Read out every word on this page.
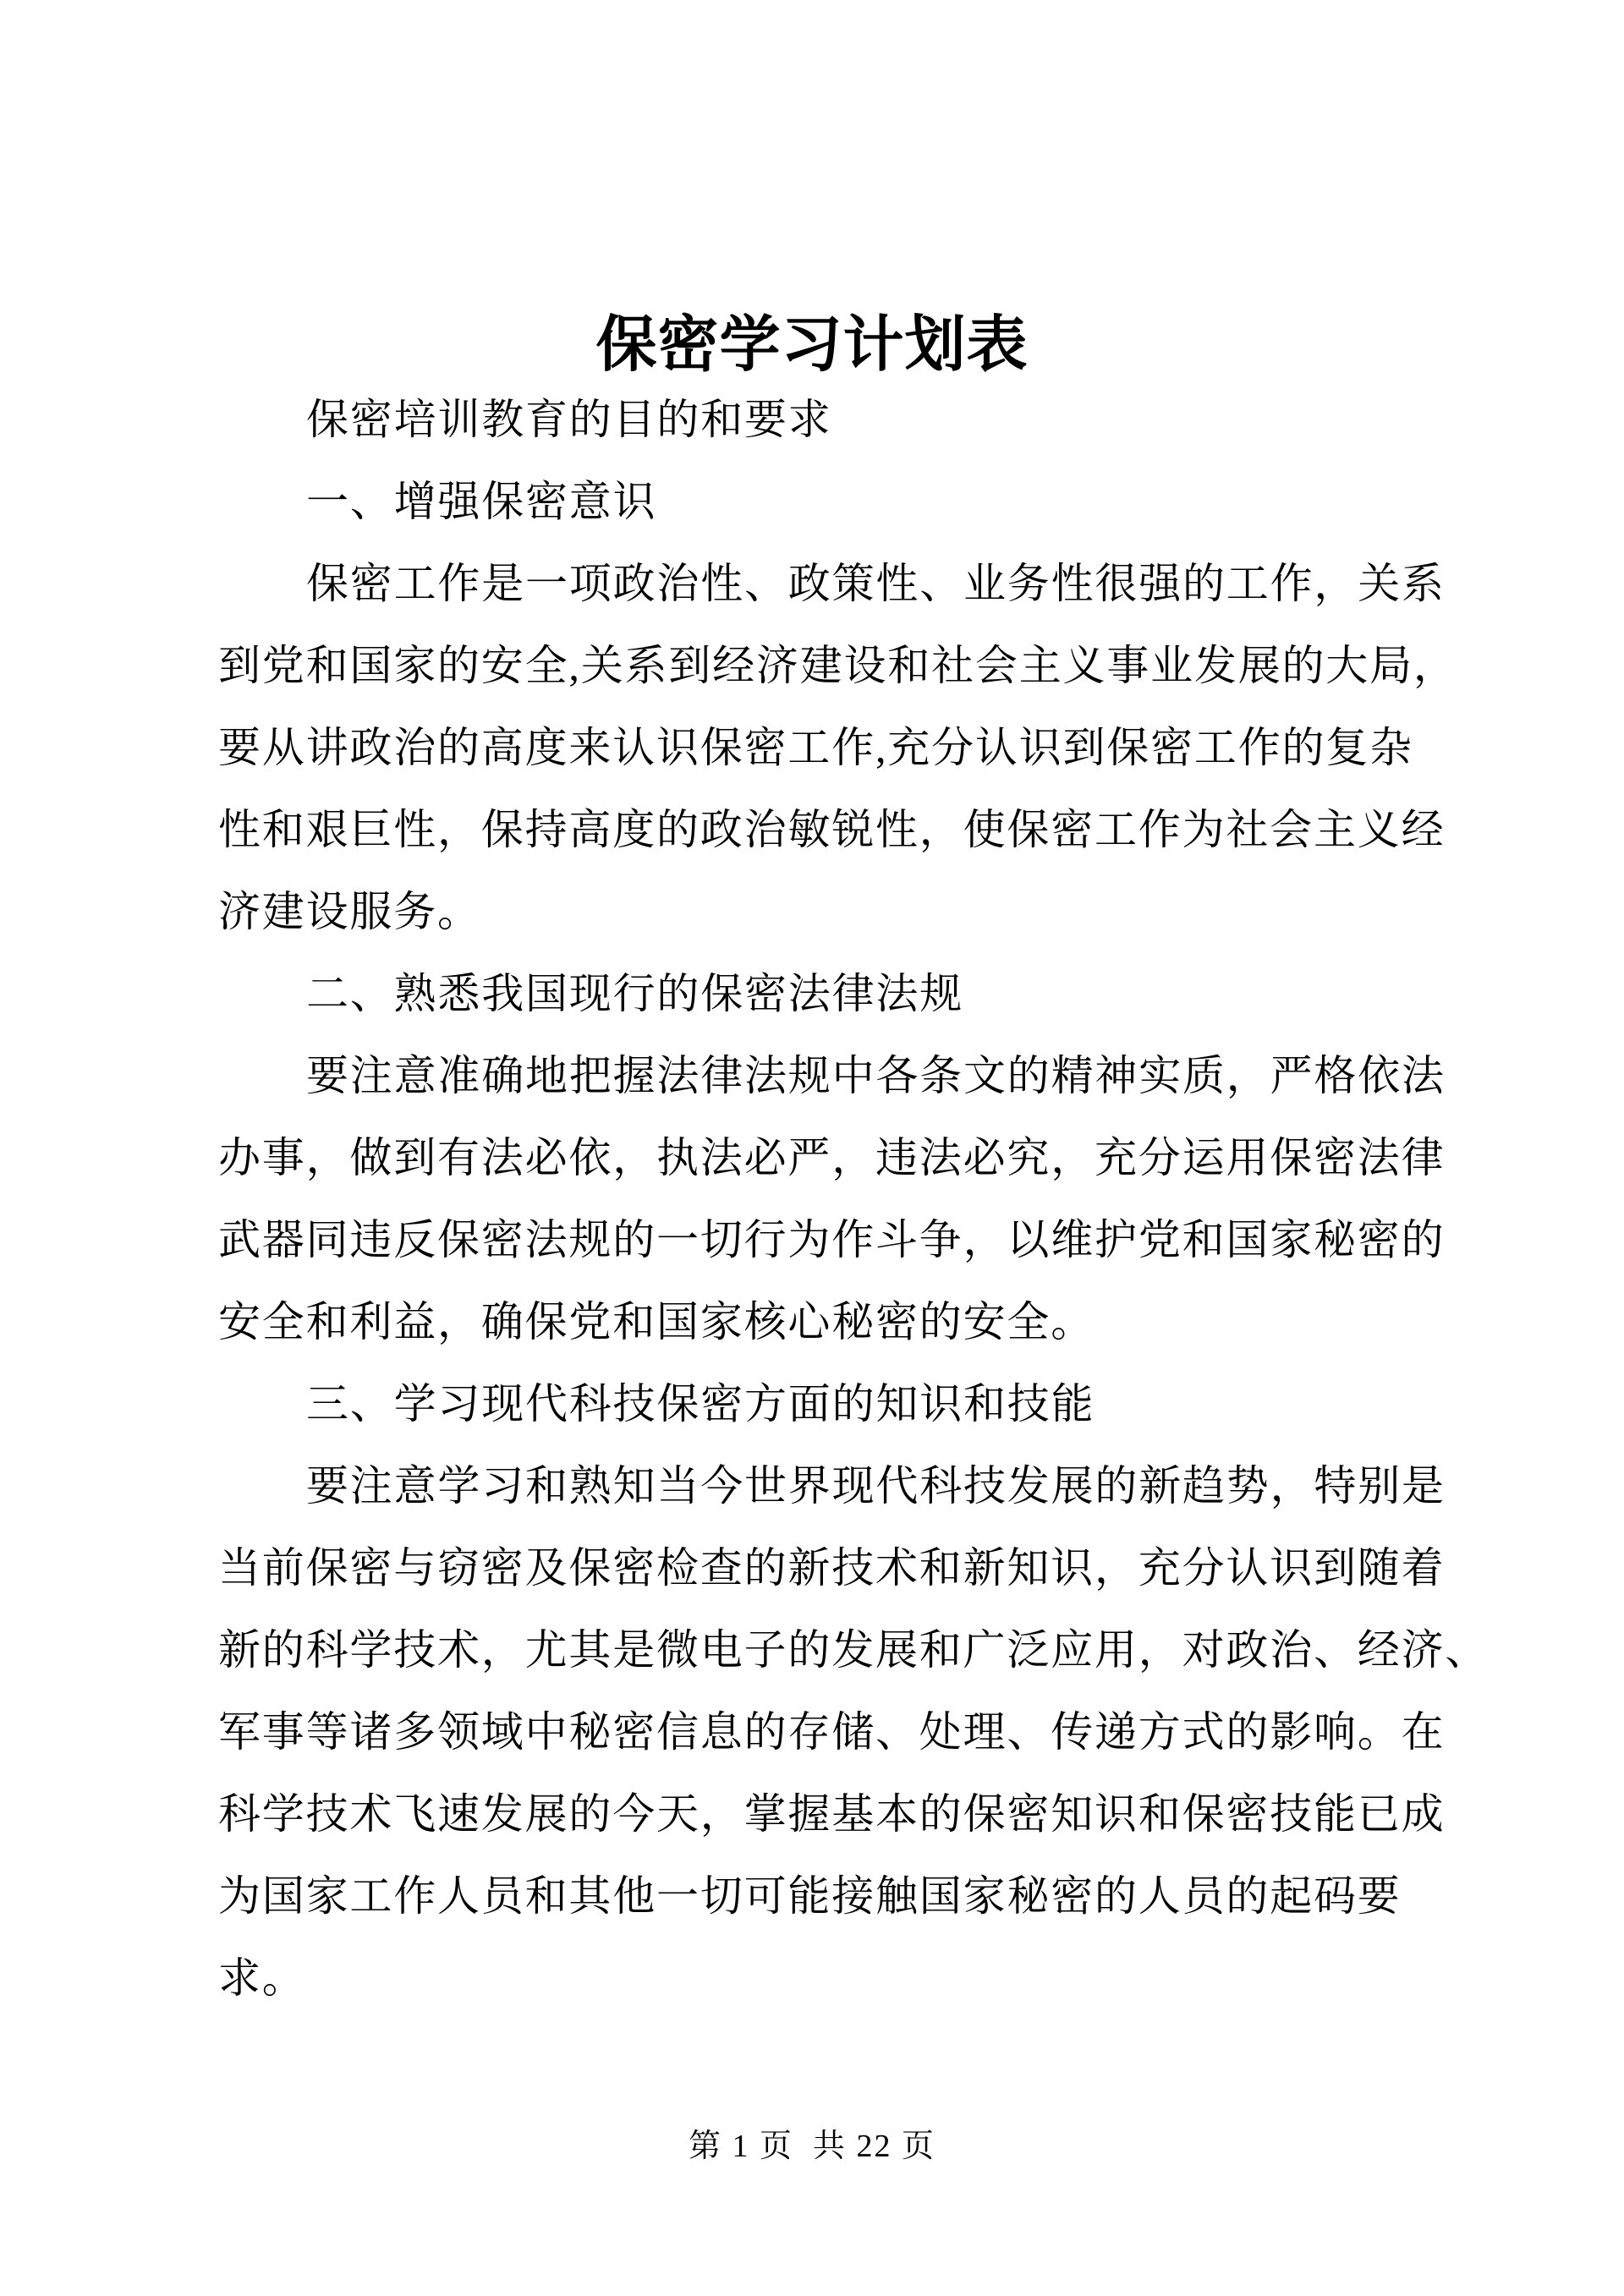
保密学习计划表
保密培训教育的目的和要求
一、增强保密意识
保密工作是一项政治性、政策性、业务性很强的工作，关系
到党和国家的安全,关系到经济建设和社会主义事业发展的大局，
要从讲政治的高度来认识保密工作,充分认识到保密工作的复杂
性和艰巨性，保持高度的政治敏锐性，使保密工作为社会主义经
济建设服务。
二、熟悉我国现行的保密法律法规
要注意准确地把握法律法规中各条文的精神实质，严格依法
办事，做到有法必依，执法必严，违法必究，充分运用保密法律
武器同违反保密法规的一切行为作斗争，以维护党和国家秘密的
安全和利益，确保党和国家核心秘密的安全。
三、学习现代科技保密方面的知识和技能
要注意学习和熟知当今世界现代科技发展的新趋势，特别是
当前保密与窃密及保密检查的新技术和新知识，充分认识到随着
新的科学技术，尤其是微电子的发展和广泛应用，对政治、经济、
军事等诸多领域中秘密信息的存储、处理、传递方式的影响。在
科学技术飞速发展的今天，掌握基本的保密知识和保密技能已成
为国家工作人员和其他一切可能接触国家秘密的人员的起码要
求。
第 1 页  共 22 页
